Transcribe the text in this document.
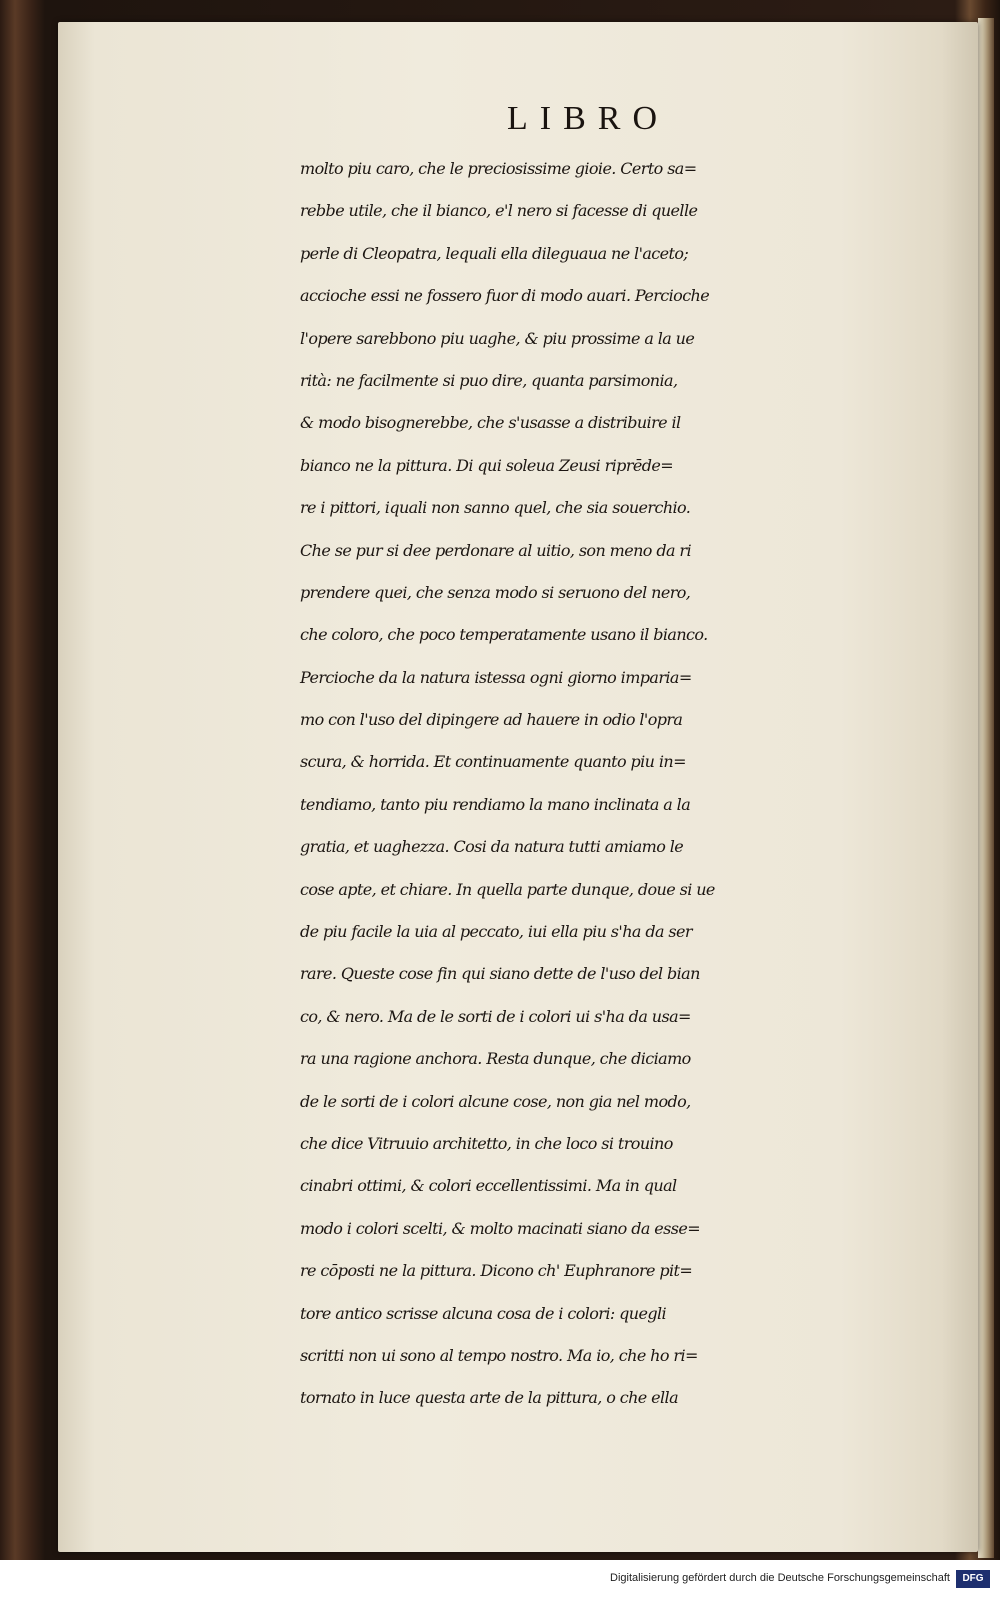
LIBRO
molto piu caro, che le preciosissime gioie. Certo sa=
rebbe utile, che il bianco, e'l nero si facesse di quelle
perle di Cleopatra, lequali ella dileguaua ne l'aceto;
accioche essi ne fossero fuor di modo auari. Percioche
l'opere sarebbono piu uaghe, & piu prossime a la ue
rità: ne facilmente si puo dire, quanta parsimonia,
& modo bisognerebbe, che s'usasse a distribuire il
bianco ne la pittura. Di qui soleua Zeusi riprēde=
re i pittori, iquali non sanno quel, che sia souerchio.
Che se pur si dee perdonare al uitio, son meno da ri
prendere quei, che senza modo si seruono del nero,
che coloro, che poco temperatamente usano il bianco.
Percioche da la natura istessa ogni giorno imparia=
mo con l'uso del dipingere ad hauere in odio l'opra
scura, & horrida. Et continuamente quanto piu in=
tendiamo, tanto piu rendiamo la mano inclinata a la
gratia, et uaghezza. Cosi da natura tutti amiamo le
cose apte, et chiare. In quella parte dunque, doue si ue
de piu facile la uia al peccato, iui ella piu s'ha da ser
rare. Queste cose fin qui siano dette de l'uso del bian
co, & nero. Ma de le sorti de i colori ui s'ha da usa=
ra una ragione anchora. Resta dunque, che diciamo
de le sorti de i colori alcune cose, non gia nel modo,
che dice Vitruuio architetto, in che loco si trouino
cinabri ottimi, & colori eccellentissimi. Ma in qual
modo i colori scelti, & molto macinati siano da esse=
re cōposti ne la pittura. Dicono ch' Euphranore pit=
tore antico scrisse alcuna cosa de i colori: quegli
scritti non ui sono al tempo nostro. Ma io, che ho ri=
tornato in luce questa arte de la pittura, o che ella
Digitalisierung gefördert durch die Deutsche Forschungsgemeinschaft	DFG
